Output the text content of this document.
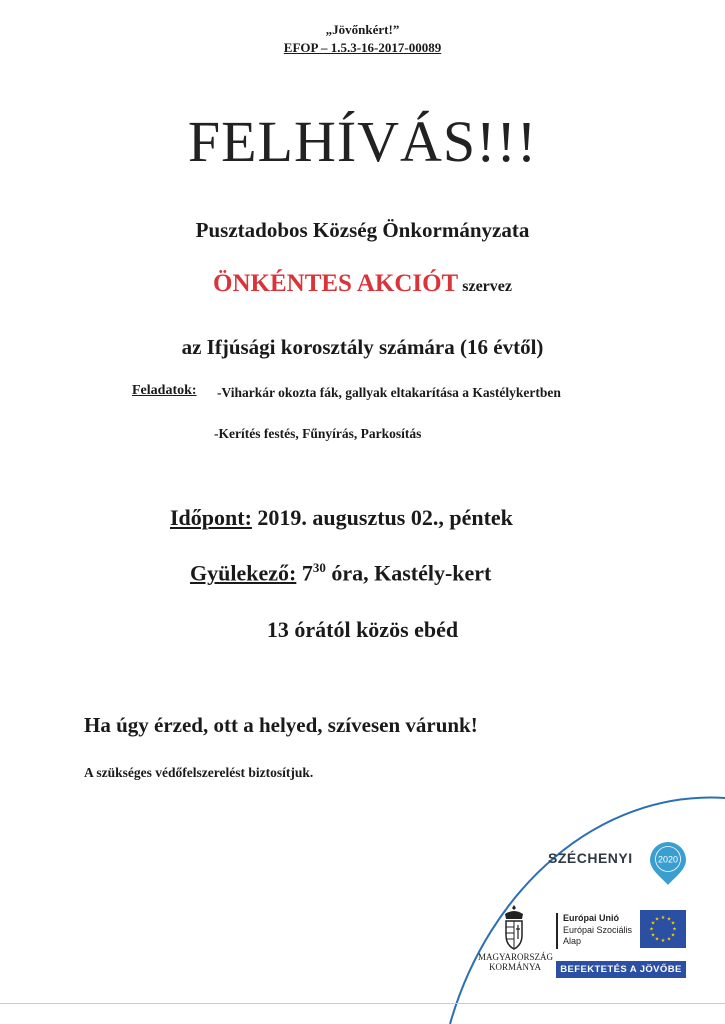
„Jövőnkért!”
EFOP – 1.5.3-16-2017-00089
FELHÍVÁS!!!
Pusztadobos Község Önkormányzata
ÖNKÉNTES AKCIÓT szervez
az Ifjúsági korosztály számára (16 évtől)
Feladatok: -Viharkár okozta fák, gallyak eltakarítása a Kastélykertben
-Kerítés festés, Fűnyírás, Parkosítás
Időpont: 2019. augusztus 02., péntek
Gyülekező: $7^{30}$ óra, Kastély-kert
13 órától közös ebéd
Ha úgy érzed, ott a helyed, szívesen várunk!
A szükséges védőfelszerelést biztosítjuk.
SZÉCHENYI	2020
MAGYARORSZÁG
KORMÁNYA
Európai Unió
Európai Szociális
Alap
★ ★
★
★
★
★
★
★
★
★
★
★
BEFEKTETÉS A JÖVŐBE
